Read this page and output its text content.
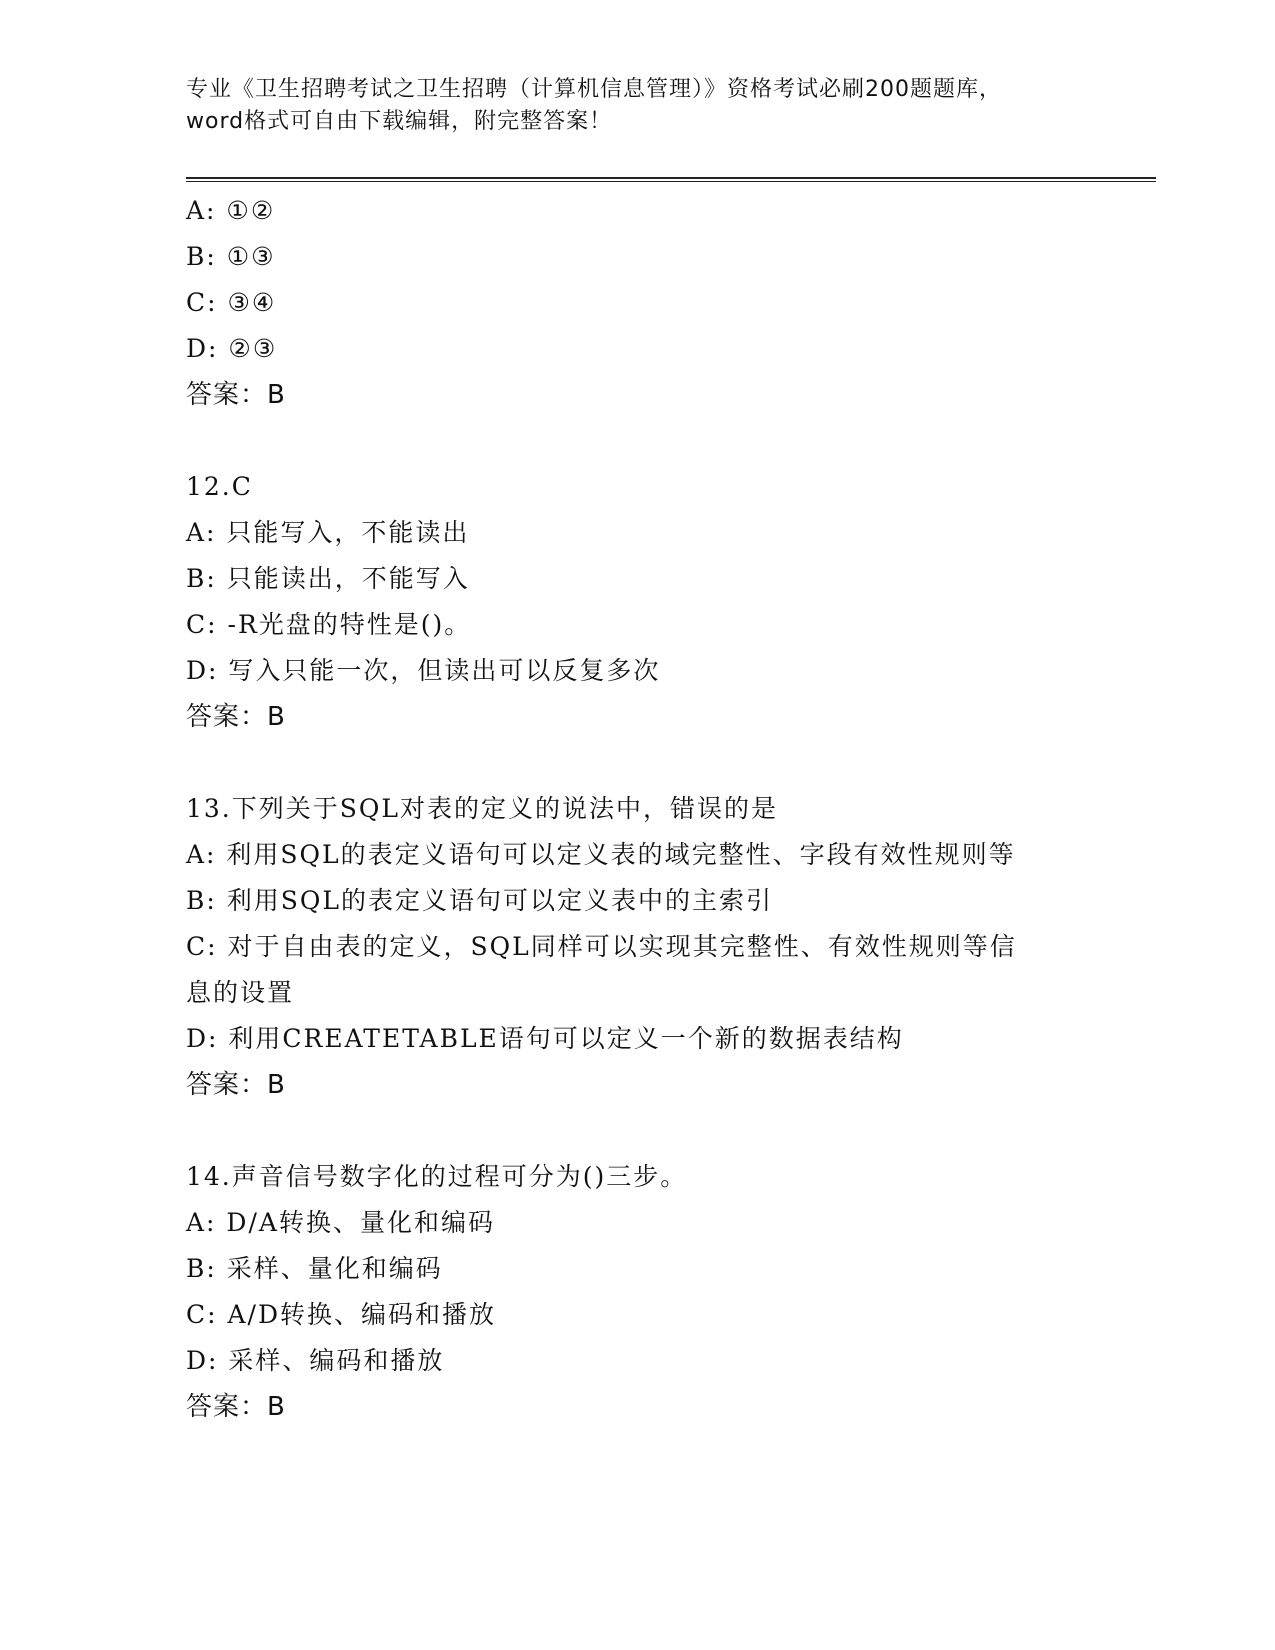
专业《卫生招聘考试之卫生招聘（计算机信息管理）》资格考试必刷200题题库，
word格式可自由下载编辑，附完整答案！
A: ①②
B: ①③
C: ③④
D: ②③
答案：B
12.C
A: 只能写入，不能读出
B: 只能读出，不能写入
C: -R光盘的特性是()。
D: 写入只能一次，但读出可以反复多次
答案：B
13.下列关于SQL对表的定义的说法中，错误的是
A: 利用SQL的表定义语句可以定义表的域完整性、字段有效性规则等
B: 利用SQL的表定义语句可以定义表中的主索引
C: 对于自由表的定义，SQL同样可以实现其完整性、有效性规则等信
息的设置
D: 利用CREATETABLE语句可以定义一个新的数据表结构
答案：B
14.声音信号数字化的过程可分为()三步。
A: D/A转换、量化和编码
B: 采样、量化和编码
C: A/D转换、编码和播放
D: 采样、编码和播放
答案：B
